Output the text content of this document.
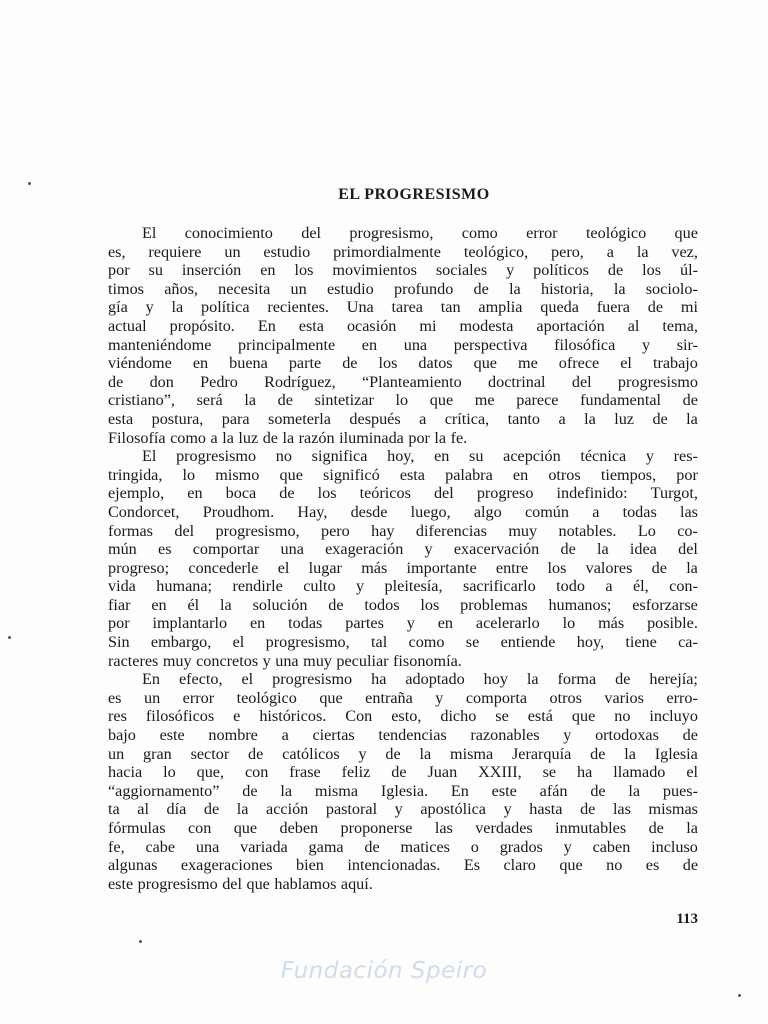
EL PROGRESISMO
El conocimiento del progresismo, como error teológico que
es, requiere un estudio primordialmente teológico, pero, a la vez,
por su inserción en los movimientos sociales y políticos de los úl-
timos años, necesita un estudio profundo de la historia, la sociolo-
gía y la política recientes. Una tarea tan amplia queda fuera de mi
actual propósito. En esta ocasión mi modesta aportación al tema,
manteniéndome principalmente en una perspectiva filosófica y sir-
viéndome en buena parte de los datos que me ofrece el trabajo
de don Pedro Rodríguez, “Planteamiento doctrinal del progresismo
cristiano”, será la de sintetizar lo que me parece fundamental de
esta postura, para someterla después a crítica, tanto a la luz de la
Filosofía como a la luz de la razón iluminada por la fe.
El progresismo no significa hoy, en su acepción técnica y res-
tringida, lo mismo que significó esta palabra en otros tiempos, por
ejemplo, en boca de los teóricos del progreso indefinido: Turgot,
Condorcet, Proudhom. Hay, desde luego, algo común a todas las
formas del progresismo, pero hay diferencias muy notables. Lo co-
mún es comportar una exageración y exacervación de la idea del
progreso; concederle el lugar más importante entre los valores de la
vida humana; rendirle culto y pleitesía, sacrificarlo todo a él, con-
fiar en él la solución de todos los problemas humanos; esforzarse
por implantarlo en todas partes y en acelerarlo lo más posible.
Sin embargo, el progresismo, tal como se entiende hoy, tiene ca-
racteres muy concretos y una muy peculiar fisonomía.
En efecto, el progresismo ha adoptado hoy la forma de herejía;
es un error teológico que entraña y comporta otros varios erro-
res filosóficos e históricos. Con esto, dicho se está que no incluyo
bajo este nombre a ciertas tendencias razonables y ortodoxas de
un gran sector de católicos y de la misma Jerarquía de la Iglesia
hacia lo que, con frase feliz de Juan XXIII, se ha llamado el
“aggiornamento” de la misma Iglesia. En este afán de la pues-
ta al día de la acción pastoral y apostólica y hasta de las mismas
fórmulas con que deben proponerse las verdades inmutables de la
fe, cabe una variada gama de matices o grados y caben incluso
algunas exageraciones bien intencionadas. Es claro que no es de
este progresismo del que hablamos aquí.
113
Fundación Speiro
